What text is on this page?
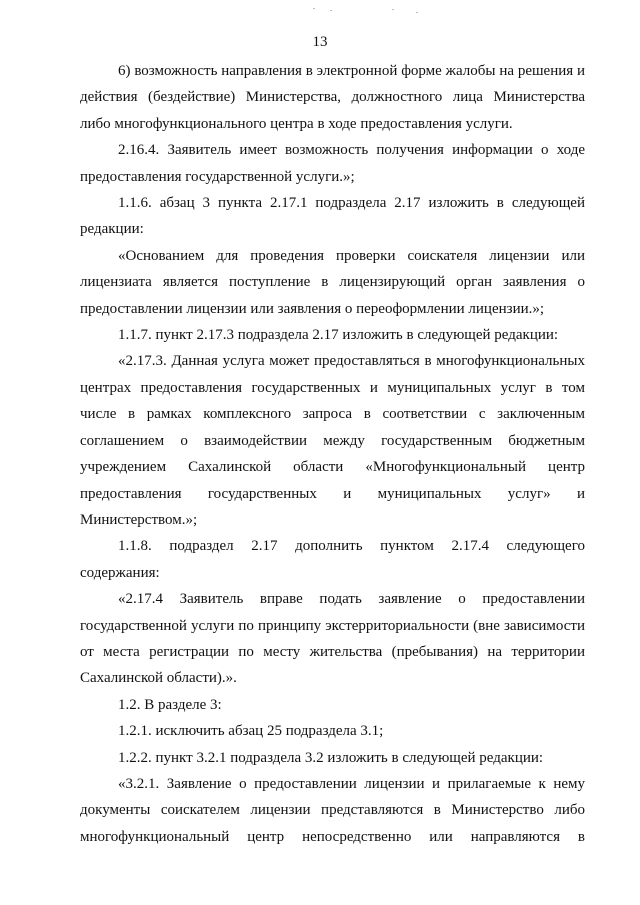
13

6) возможность направления в электронной форме жалобы на решения и действия (бездействие) Министерства, должностного лица Министерства либо многофункционального центра в ходе предоставления услуги.

2.16.4. Заявитель имеет возможность получения информации о ходе предоставления государственной услуги.»;

1.1.6. абзац 3 пункта 2.17.1 подраздела 2.17 изложить в следующей редакции:

«Основанием для проведения проверки соискателя лицензии или лицензиата является поступление в лицензирующий орган заявления о предоставлении лицензии или заявления о переоформлении лицензии.»;

1.1.7. пункт 2.17.3 подраздела 2.17 изложить в следующей редакции:

«2.17.3. Данная услуга может предоставляться в многофункциональных центрах предоставления государственных и муниципальных услуг в том числе в рамках комплексного запроса в соответствии с заключенным соглашением о взаимодействии между государственным бюджетным учреждением Сахалинской области «Многофункциональный центр предоставления государственных и муниципальных услуг» и Министерством.»;

1.1.8. подраздел 2.17 дополнить пунктом 2.17.4 следующего содержания:

«2.17.4 Заявитель вправе подать заявление о предоставлении государственной услуги по принципу экстерриториальности (вне зависимости от места регистрации по месту жительства (пребывания) на территории Сахалинской области).».

1.2. В разделе 3:

1.2.1. исключить абзац 25 подраздела 3.1;

1.2.2. пункт 3.2.1 подраздела 3.2 изложить в следующей редакции:

«3.2.1. Заявление о предоставлении лицензии и прилагаемые к нему документы соискателем лицензии представляются в Министерство либо многофункциональный центр непосредственно или направляются в
